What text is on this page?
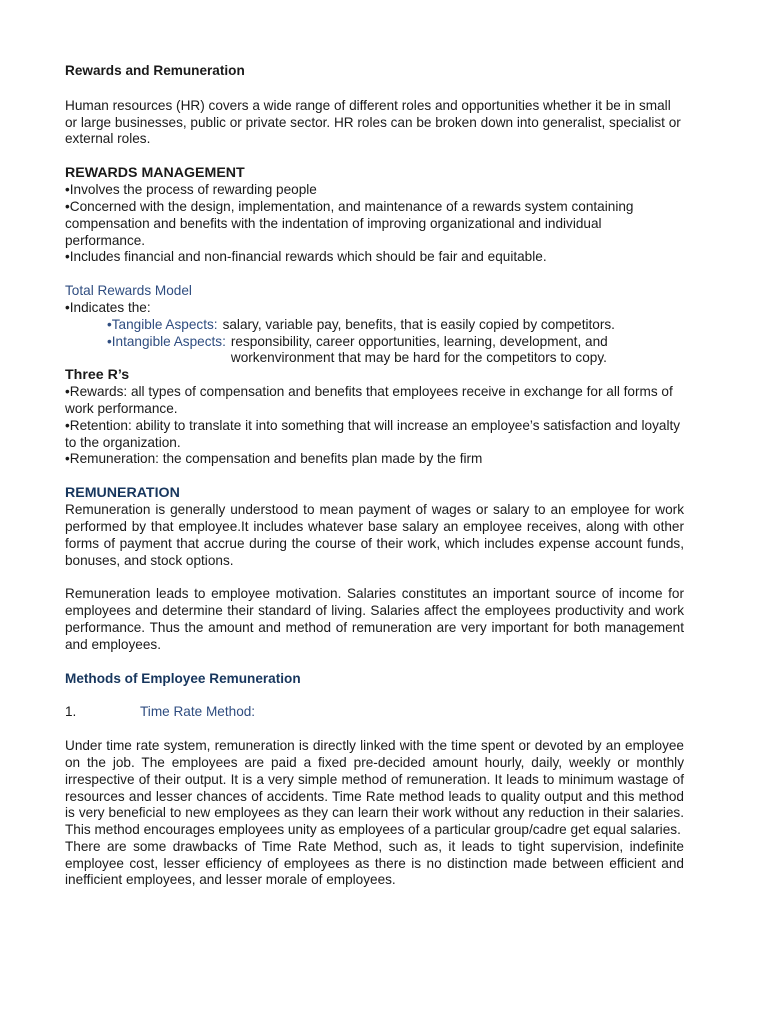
Rewards and Remuneration

Human resources (HR) covers a wide range of different roles and opportunities whether it be in small or large businesses, public or private sector. HR roles can be broken down into generalist, specialist or external roles.

REWARDS MANAGEMENT

•Involves the process of rewarding people

•Concerned with the design, implementation, and maintenance of a rewards system containing compensation and benefits with the indentation of improving organizational and individual performance.

•Includes financial and non-financial rewards which should be fair and equitable.

Total Rewards Model

•Indicates the:

•Tangible Aspects: salary, variable pay, benefits, that is easily copied by competitors.
•Intangible Aspects: responsibility, career opportunities, learning, development, and workenvironment that may be hard for the competitors to copy.
Three R’s

•Rewards: all types of compensation and benefits that employees receive in exchange for all forms of work performance.

•Retention: ability to translate it into something that will increase an employee’s satisfaction and loyalty to the organization.

•Remuneration: the compensation and benefits plan made by the firm

REMUNERATION

Remuneration is generally understood to mean payment of wages or salary to an employee for work performed by that employee.It includes whatever base salary an employee receives, along with other forms of payment that accrue during the course of their work, which includes expense account funds, bonuses, and stock options.

Remuneration leads to employee motivation. Salaries constitutes an important source of income for employees and determine their standard of living. Salaries affect the employees productivity and work performance. Thus the amount and method of remuneration are very important for both management and employees.

Methods of Employee Remuneration
1.	Time Rate Method:

Under time rate system, remuneration is directly linked with the time spent or devoted by an employee on the job. The employees are paid a fixed pre-decided amount hourly, daily, weekly or monthly irrespective of their output. It is a very simple method of remuneration. It leads to minimum wastage of resources and lesser chances of accidents. Time Rate method leads to quality output and this method is very beneficial to new employees as they can learn their work without any reduction in their salaries. This method encourages employees unity as employees of a particular group/cadre get equal salaries.

There are some drawbacks of Time Rate Method, such as, it leads to tight supervision, indefinite employee cost, lesser efficiency of employees as there is no distinction made between efficient and inefficient employees, and lesser morale of employees.
